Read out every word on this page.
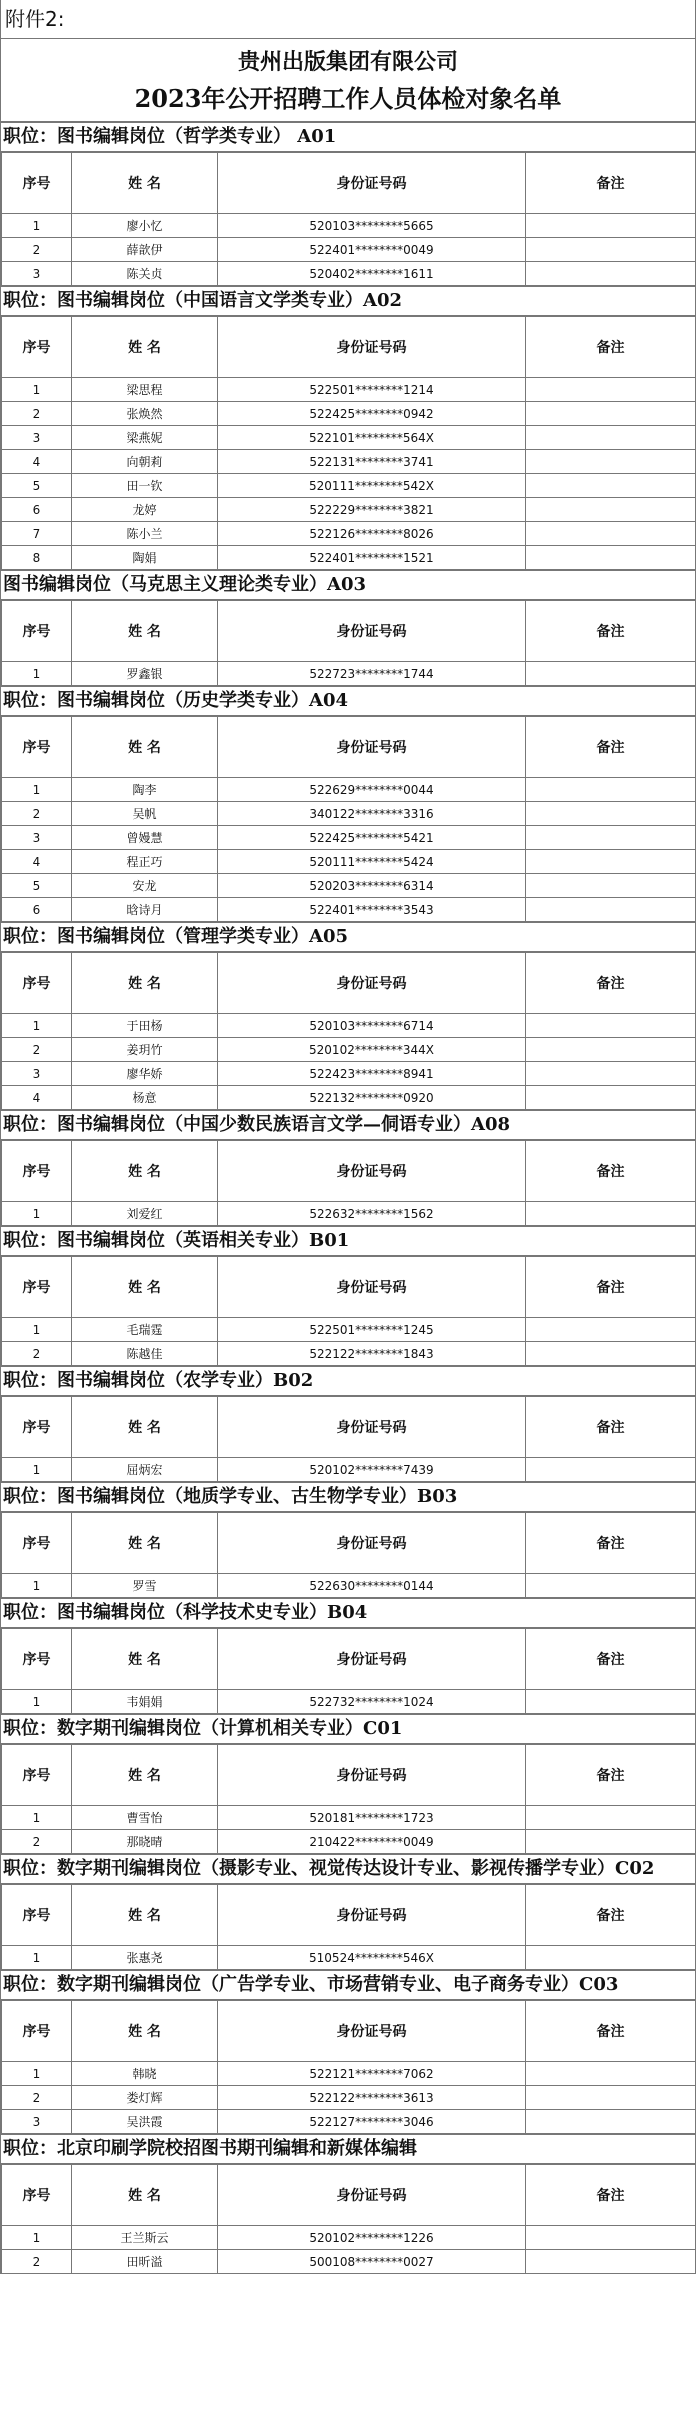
附件2:
贵州出版集团有限公司
2023年公开招聘工作人员体检对象名单
职位：图书编辑岗位（哲学类专业） A01
序号	姓 名	身份证号码	备注
1	廖小忆	520103********5665	
2	薛歆伊	522401********0049	
3	陈关贞	520402********1611	
职位：图书编辑岗位（中国语言文学类专业）A02
序号	姓 名	身份证号码	备注
1	梁思程	522501********1214	
2	张焕然	522425********0942	
3	梁燕妮	522101********564X	
4	向朝莉	522131********3741	
5	田一钦	520111********542X	
6	龙婷	522229********3821	
7	陈小兰	522126********8026	
8	陶娟	522401********1521	
图书编辑岗位（马克思主义理论类专业）A03
序号	姓 名	身份证号码	备注
1	罗鑫银	522723********1744	
职位：图书编辑岗位（历史学类专业）A04
序号	姓 名	身份证号码	备注
1	陶李	522629********0044	
2	吴帆	340122********3316	
3	曾嫚慧	522425********5421	
4	程正巧	520111********5424	
5	安龙	520203********6314	
6	晗诗月	522401********3543	
职位：图书编辑岗位（管理学类专业）A05
序号	姓 名	身份证号码	备注
1	于田杨	520103********6714	
2	姜玥竹	520102********344X	
3	廖华娇	522423********8941	
4	杨意	522132********0920	
职位：图书编辑岗位（中国少数民族语言文学—侗语专业）A08
序号	姓 名	身份证号码	备注
1	刘爱红	522632********1562	
职位：图书编辑岗位（英语相关专业）B01
序号	姓 名	身份证号码	备注
1	毛瑞霆	522501********1245	
2	陈越佳	522122********1843	
职位：图书编辑岗位（农学专业）B02
序号	姓 名	身份证号码	备注
1	屈炳宏	520102********7439	
职位：图书编辑岗位（地质学专业、古生物学专业）B03
序号	姓 名	身份证号码	备注
1	罗雪	522630********0144	
职位：图书编辑岗位（科学技术史专业）B04
序号	姓 名	身份证号码	备注
1	韦娟娟	522732********1024	
职位：数字期刊编辑岗位（计算机相关专业）C01
序号	姓 名	身份证号码	备注
1	曹雪怡	520181********1723	
2	那晓晴	210422********0049	
职位：数字期刊编辑岗位（摄影专业、视觉传达设计专业、影视传播学专业）C02
序号	姓 名	身份证号码	备注
1	张惠尧	510524********546X	
职位：数字期刊编辑岗位（广告学专业、市场营销专业、电子商务专业）C03
序号	姓 名	身份证号码	备注
1	韩晓	522121********7062	
2	娄灯辉	522122********3613	
3	吴洪霞	522127********3046	
职位：北京印刷学院校招图书期刊编辑和新媒体编辑
序号	姓 名	身份证号码	备注
1	王兰斯云	520102********1226	
2	田昕溢	500108********0027	
